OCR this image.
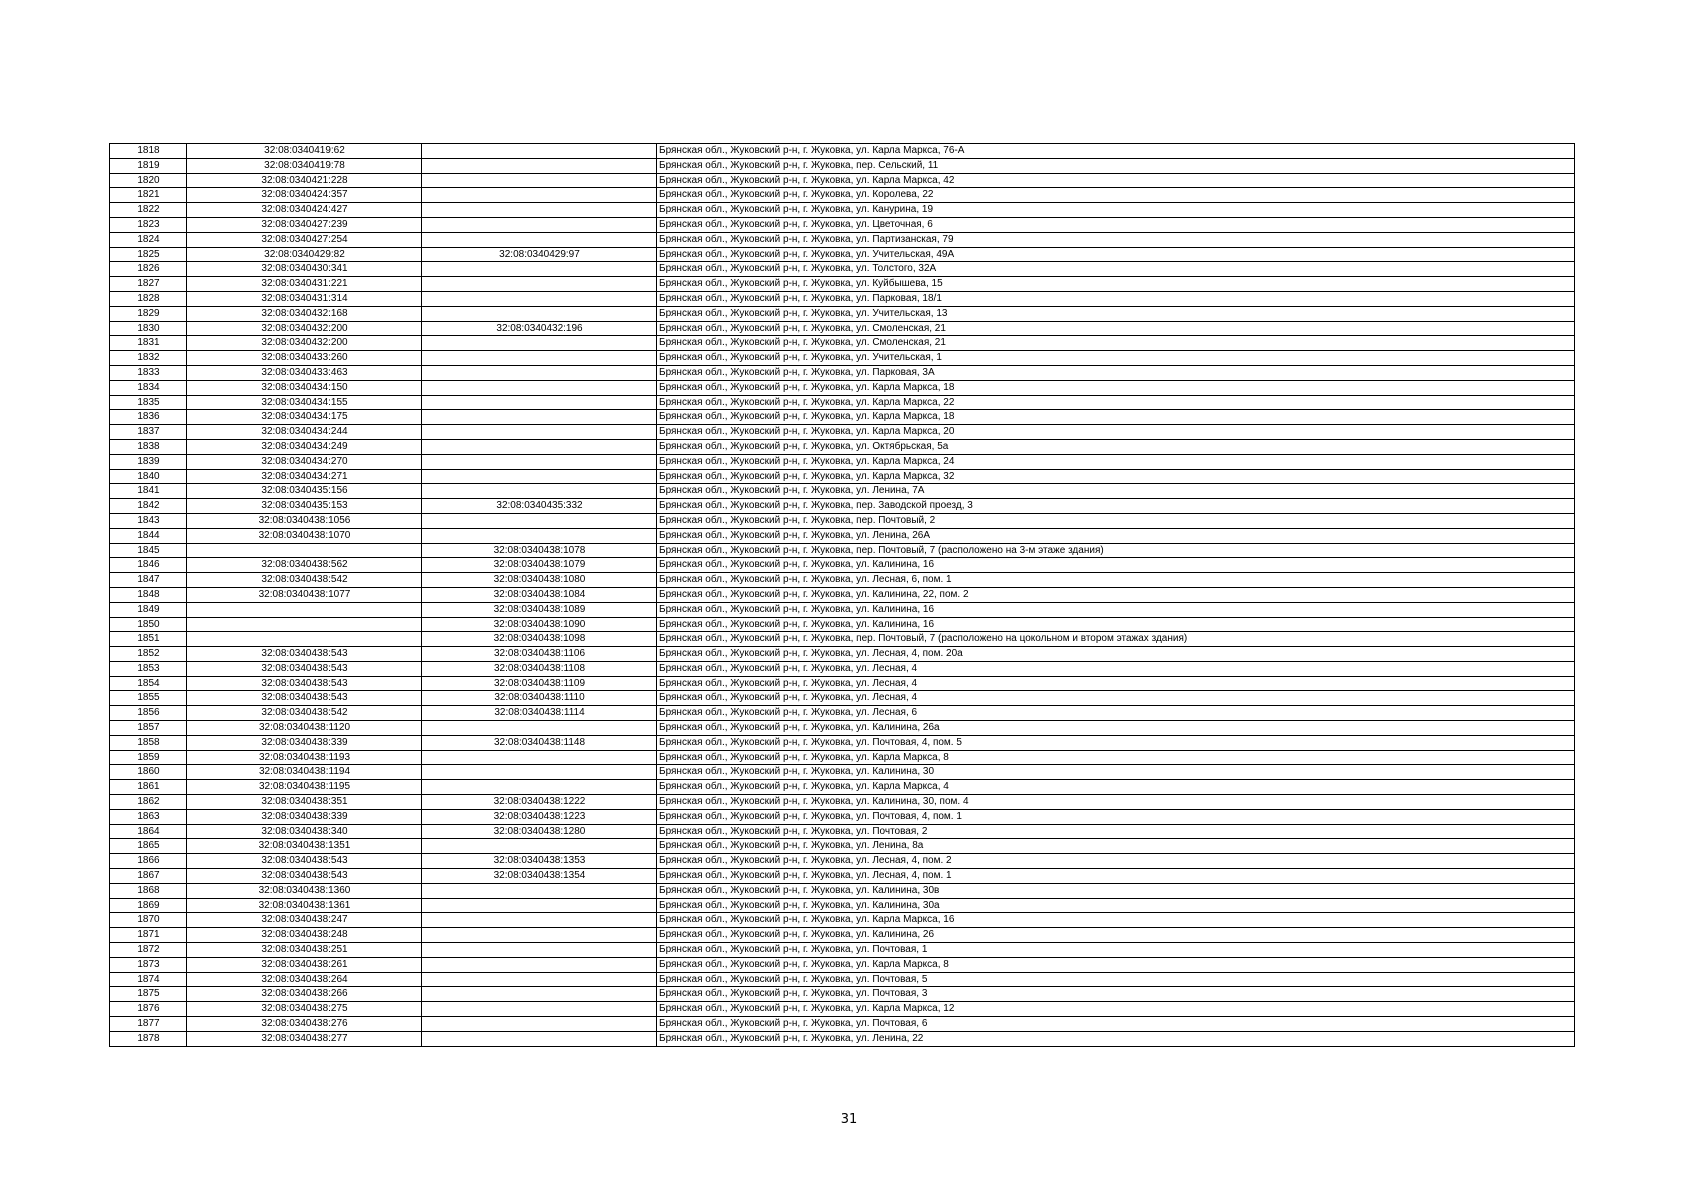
1818	32:08:0340419:62		Брянская обл., Жуковский р-н, г. Жуковка, ул. Карла Маркса, 76-А
1819	32:08:0340419:78		Брянская обл., Жуковский р-н, г. Жуковка, пер. Сельский, 11
1820	32:08:0340421:228		Брянская обл., Жуковский р-н, г. Жуковка, ул. Карла Маркса, 42
1821	32:08:0340424:357		Брянская обл., Жуковский р-н, г. Жуковка, ул. Королева, 22
1822	32:08:0340424:427		Брянская обл., Жуковский р-н, г. Жуковка, ул. Канурина, 19
1823	32:08:0340427:239		Брянская обл., Жуковский р-н, г. Жуковка, ул. Цветочная, 6
1824	32:08:0340427:254		Брянская обл., Жуковский р-н, г. Жуковка, ул. Партизанская, 79
1825	32:08:0340429:82	32:08:0340429:97	Брянская обл., Жуковский р-н, г. Жуковка, ул. Учительская, 49А
1826	32:08:0340430:341		Брянская обл., Жуковский р-н, г. Жуковка, ул. Толстого, 32А
1827	32:08:0340431:221		Брянская обл., Жуковский р-н, г. Жуковка, ул. Куйбышева, 15
1828	32:08:0340431:314		Брянская обл., Жуковский р-н, г. Жуковка, ул. Парковая, 18/1
1829	32:08:0340432:168		Брянская обл., Жуковский р-н, г. Жуковка, ул. Учительская, 13
1830	32:08:0340432:200	32:08:0340432:196	Брянская обл., Жуковский р-н, г. Жуковка, ул. Смоленская, 21
1831	32:08:0340432:200		Брянская обл., Жуковский р-н, г. Жуковка, ул. Смоленская, 21
1832	32:08:0340433:260		Брянская обл., Жуковский р-н, г. Жуковка, ул. Учительская, 1
1833	32:08:0340433:463		Брянская обл., Жуковский р-н, г. Жуковка, ул. Парковая, 3А
1834	32:08:0340434:150		Брянская обл., Жуковский р-н, г. Жуковка, ул. Карла Маркса, 18
1835	32:08:0340434:155		Брянская обл., Жуковский р-н, г. Жуковка, ул. Карла Маркса, 22
1836	32:08:0340434:175		Брянская обл., Жуковский р-н, г. Жуковка, ул. Карла Маркса, 18
1837	32:08:0340434:244		Брянская обл., Жуковский р-н, г. Жуковка, ул. Карла Маркса, 20
1838	32:08:0340434:249		Брянская обл., Жуковский р-н, г. Жуковка, ул. Октябрьская, 5а
1839	32:08:0340434:270		Брянская обл., Жуковский р-н, г. Жуковка, ул. Карла Маркса, 24
1840	32:08:0340434:271		Брянская обл., Жуковский р-н, г. Жуковка, ул. Карла Маркса, 32
1841	32:08:0340435:156		Брянская обл., Жуковский р-н, г. Жуковка, ул. Ленина, 7А
1842	32:08:0340435:153	32:08:0340435:332	Брянская обл., Жуковский р-н, г. Жуковка, пер. Заводской проезд, 3
1843	32:08:0340438:1056		Брянская обл., Жуковский р-н, г. Жуковка, пер. Почтовый, 2
1844	32:08:0340438:1070		Брянская обл., Жуковский р-н, г. Жуковка, ул. Ленина, 26А
1845		32:08:0340438:1078	Брянская обл., Жуковский р-н, г. Жуковка, пер. Почтовый, 7 (расположено на 3-м этаже здания)
1846	32:08:0340438:562	32:08:0340438:1079	Брянская обл., Жуковский р-н, г. Жуковка, ул. Калинина, 16
1847	32:08:0340438:542	32:08:0340438:1080	Брянская обл., Жуковский р-н, г. Жуковка, ул. Лесная, 6, пом. 1
1848	32:08:0340438:1077	32:08:0340438:1084	Брянская обл., Жуковский р-н, г. Жуковка, ул. Калинина, 22, пом. 2
1849		32:08:0340438:1089	Брянская обл., Жуковский р-н, г. Жуковка, ул. Калинина, 16
1850		32:08:0340438:1090	Брянская обл., Жуковский р-н, г. Жуковка, ул. Калинина, 16
1851		32:08:0340438:1098	Брянская обл., Жуковский р-н, г. Жуковка, пер. Почтовый, 7 (расположено на цокольном и втором этажах здания)
1852	32:08:0340438:543	32:08:0340438:1106	Брянская обл., Жуковский р-н, г. Жуковка, ул. Лесная, 4, пом. 20а
1853	32:08:0340438:543	32:08:0340438:1108	Брянская обл., Жуковский р-н, г. Жуковка, ул. Лесная, 4
1854	32:08:0340438:543	32:08:0340438:1109	Брянская обл., Жуковский р-н, г. Жуковка, ул. Лесная, 4
1855	32:08:0340438:543	32:08:0340438:1110	Брянская обл., Жуковский р-н, г. Жуковка, ул. Лесная, 4
1856	32:08:0340438:542	32:08:0340438:1114	Брянская обл., Жуковский р-н, г. Жуковка, ул. Лесная, 6
1857	32:08:0340438:1120		Брянская обл., Жуковский р-н, г. Жуковка, ул. Калинина, 26а
1858	32:08:0340438:339	32:08:0340438:1148	Брянская обл., Жуковский р-н, г. Жуковка, ул. Почтовая, 4, пом. 5
1859	32:08:0340438:1193		Брянская обл., Жуковский р-н, г. Жуковка, ул. Карла Маркса, 8
1860	32:08:0340438:1194		Брянская обл., Жуковский р-н, г. Жуковка, ул. Калинина, 30
1861	32:08:0340438:1195		Брянская обл., Жуковский р-н, г. Жуковка, ул. Карла Маркса, 4
1862	32:08:0340438:351	32:08:0340438:1222	Брянская обл., Жуковский р-н, г. Жуковка, ул. Калинина, 30, пом. 4
1863	32:08:0340438:339	32:08:0340438:1223	Брянская обл., Жуковский р-н, г. Жуковка, ул. Почтовая, 4, пом. 1
1864	32:08:0340438:340	32:08:0340438:1280	Брянская обл., Жуковский р-н, г. Жуковка, ул. Почтовая, 2
1865	32:08:0340438:1351		Брянская обл., Жуковский р-н, г. Жуковка, ул. Ленина, 8а
1866	32:08:0340438:543	32:08:0340438:1353	Брянская обл., Жуковский р-н, г. Жуковка, ул. Лесная, 4, пом. 2
1867	32:08:0340438:543	32:08:0340438:1354	Брянская обл., Жуковский р-н, г. Жуковка, ул. Лесная, 4, пом. 1
1868	32:08:0340438:1360		Брянская обл., Жуковский р-н, г. Жуковка, ул. Калинина, 30в
1869	32:08:0340438:1361		Брянская обл., Жуковский р-н, г. Жуковка, ул. Калинина, 30а
1870	32:08:0340438:247		Брянская обл., Жуковский р-н, г. Жуковка, ул. Карла Маркса, 16
1871	32:08:0340438:248		Брянская обл., Жуковский р-н, г. Жуковка, ул. Калинина, 26
1872	32:08:0340438:251		Брянская обл., Жуковский р-н, г. Жуковка, ул. Почтовая, 1
1873	32:08:0340438:261		Брянская обл., Жуковский р-н, г. Жуковка, ул. Карла Маркса, 8
1874	32:08:0340438:264		Брянская обл., Жуковский р-н, г. Жуковка, ул. Почтовая, 5
1875	32:08:0340438:266		Брянская обл., Жуковский р-н, г. Жуковка, ул. Почтовая, 3
1876	32:08:0340438:275		Брянская обл., Жуковский р-н, г. Жуковка, ул. Карла Маркса, 12
1877	32:08:0340438:276		Брянская обл., Жуковский р-н, г. Жуковка, ул. Почтовая, 6
1878	32:08:0340438:277		Брянская обл., Жуковский р-н, г. Жуковка, ул. Ленина, 22
31
